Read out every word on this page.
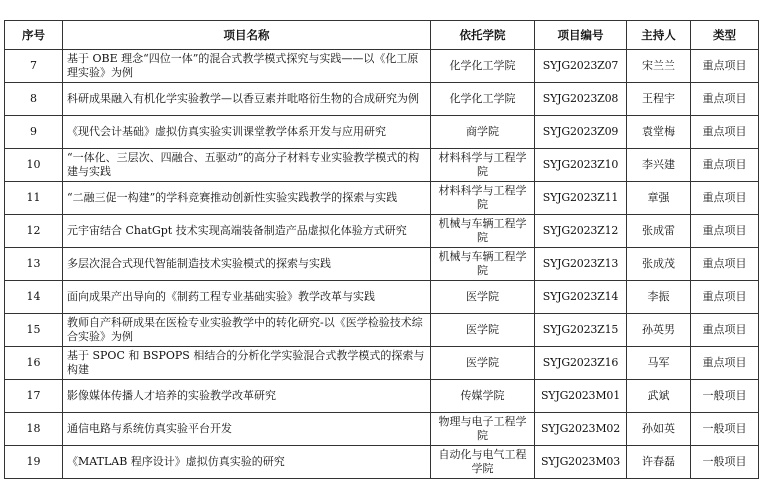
序号	项目名称	依托学院	项目编号	主持人	类型
7	基于 OBE 理念“四位一体”的混合式教学模式探究与实践——以《化工原理实验》为例	化学化工学院	SYJG2023Z07	宋兰兰	重点项目
8	科研成果融入有机化学实验教学—以香豆素并吡咯衍生物的合成研究为例	化学化工学院	SYJG2023Z08	王程宇	重点项目
9	《现代会计基础》虚拟仿真实验实训课堂教学体系开发与应用研究	商学院	SYJG2023Z09	袁堂梅	重点项目
10	“一体化、三层次、四融合、五驱动”的高分子材料专业实验教学模式的构建与实践	材料科学与工程学院	SYJG2023Z10	李兴建	重点项目
11	“二融三促一构建”的学科竞赛推动创新性实验实践教学的探索与实践	材料科学与工程学院	SYJG2023Z11	章强	重点项目
12	元宇宙结合 ChatGpt 技术实现高端装备制造产品虚拟化体验方式研究	机械与车辆工程学院	SYJG2023Z12	张成雷	重点项目
13	多层次混合式现代智能制造技术实验模式的探索与实践	机械与车辆工程学院	SYJG2023Z13	张成茂	重点项目
14	面向成果产出导向的《制药工程专业基础实验》教学改革与实践	医学院	SYJG2023Z14	李振	重点项目
15	教师自产科研成果在医检专业实验教学中的转化研究-以《医学检验技术综合实验》为例	医学院	SYJG2023Z15	孙英男	重点项目
16	基于 SPOC 和 BSPOPS 相结合的分析化学实验混合式教学模式的探索与构建	医学院	SYJG2023Z16	马军	重点项目
17	影像媒体传播人才培养的实验教学改革研究	传媒学院	SYJG2023M01	武斌	一般项目
18	通信电路与系统仿真实验平台开发	物理与电子工程学院	SYJG2023M02	孙如英	一般项目
19	《MATLAB 程序设计》虚拟仿真实验的研究	自动化与电气工程学院	SYJG2023M03	许春磊	一般项目
